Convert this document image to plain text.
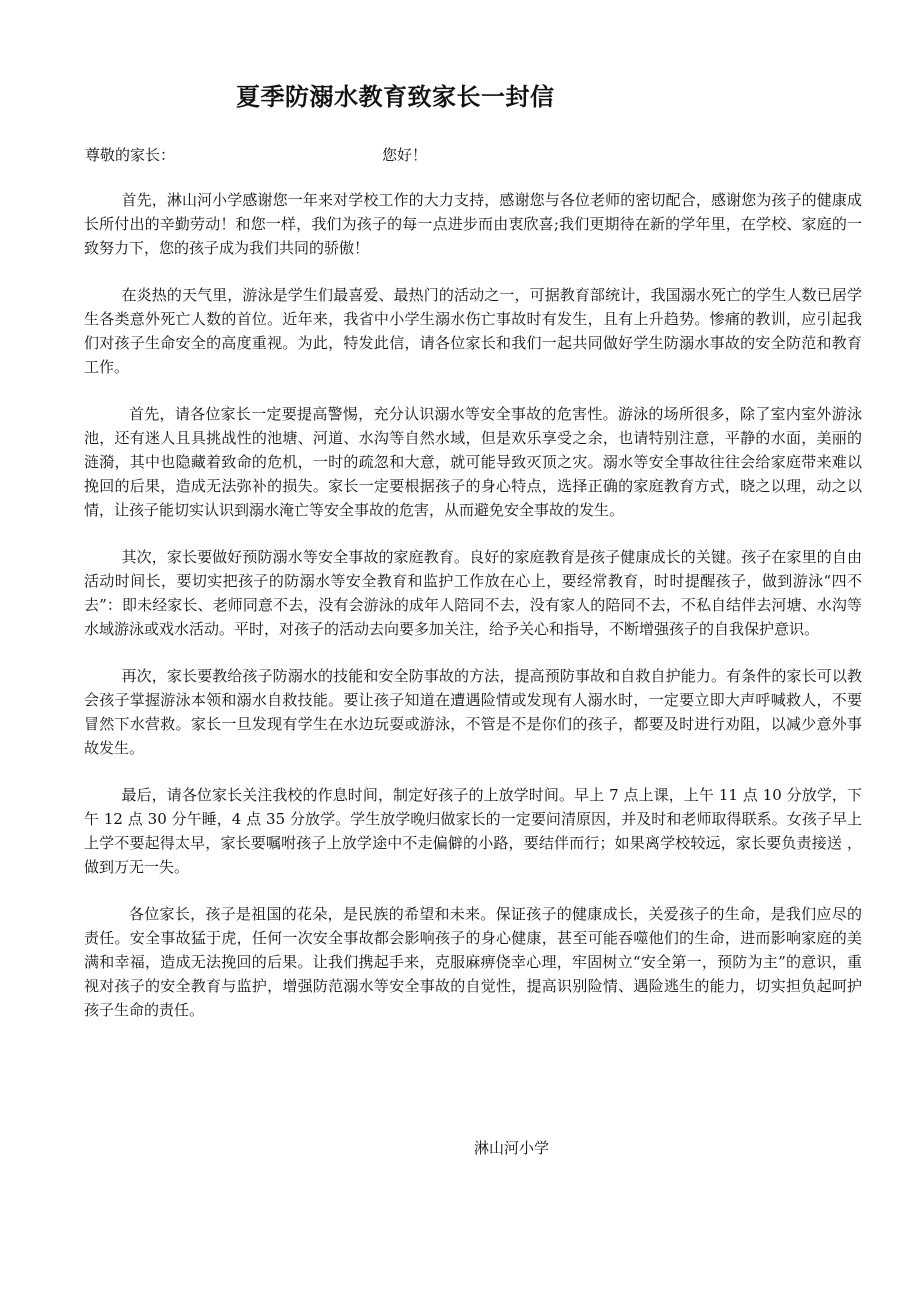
夏季防溺水教育致家长一封信
尊敬的家长：	您好！

首先，淋山河小学感谢您一年来对学校工作的大力支持，感谢您与各位老师的密切配合，感谢您为孩子的健康成长所付出的辛勤劳动！和您一样，我们为孩子的每一点进步而由衷欣喜;我们更期待在新的学年里，在学校、家庭的一致努力下，您的孩子成为我们共同的骄傲！

在炎热的天气里，游泳是学生们最喜爱、最热门的活动之一，可据教育部统计，我国溺水死亡的学生人数已居学生各类意外死亡人数的首位。近年来，我省中小学生溺水伤亡事故时有发生，且有上升趋势。惨痛的教训，应引起我们对孩子生命安全的高度重视。为此，特发此信，请各位家长和我们一起共同做好学生防溺水事故的安全防范和教育工作。

首先，请各位家长一定要提高警惕，充分认识溺水等安全事故的危害性。游泳的场所很多，除了室内室外游泳池，还有迷人且具挑战性的池塘、河道、水沟等自然水域，但是欢乐享受之余，也请特别注意，平静的水面，美丽的涟漪，其中也隐藏着致命的危机，一时的疏忽和大意，就可能导致灭顶之灾。溺水等安全事故往往会给家庭带来难以挽回的后果，造成无法弥补的损失。家长一定要根据孩子的身心特点，选择正确的家庭教育方式，晓之以理，动之以情，让孩子能切实认识到溺水淹亡等安全事故的危害，从而避免安全事故的发生。

其次，家长要做好预防溺水等安全事故的家庭教育。良好的家庭教育是孩子健康成长的关键。孩子在家里的自由活动时间长，要切实把孩子的防溺水等安全教育和监护工作放在心上，要经常教育，时时提醒孩子，做到游泳“四不去”：即未经家长、老师同意不去，没有会游泳的成年人陪同不去，没有家人的陪同不去，不私自结伴去河塘、水沟等水域游泳或戏水活动。平时，对孩子的活动去向要多加关注，给予关心和指导，不断增强孩子的自我保护意识。

再次，家长要教给孩子防溺水的技能和安全防事故的方法，提高预防事故和自救自护能力。有条件的家长可以教会孩子掌握游泳本领和溺水自救技能。要让孩子知道在遭遇险情或发现有人溺水时，一定要立即大声呼喊救人，不要冒然下水营救。家长一旦发现有学生在水边玩耍或游泳，不管是不是你们的孩子，都要及时进行劝阻，以减少意外事故发生。

最后，请各位家长关注我校的作息时间，制定好孩子的上放学时间。早上 7 点上课，上午 11 点 10 分放学，下午 12 点 30 分午睡，4 点 35 分放学。学生放学晚归做家长的一定要问清原因，并及时和老师取得联系。女孩子早上上学不要起得太早，家长要嘱咐孩子上放学途中不走偏僻的小路，要结伴而行；如果离学校较远，家长要负责接送 ，做到万无一失。

各位家长，孩子是祖国的花朵，是民族的希望和未来。保证孩子的健康成长，关爱孩子的生命，是我们应尽的责任。安全事故猛于虎，任何一次安全事故都会影响孩子的身心健康，甚至可能吞噬他们的生命，进而影响家庭的美满和幸福，造成无法挽回的后果。让我们携起手来，克服麻痹侥幸心理，牢固树立“安全第一，预防为主”的意识，重视对孩子的安全教育与监护，增强防范溺水等安全事故的自觉性，提高识别险情、遇险逃生的能力，切实担负起呵护孩子生命的责任。

淋山河小学
